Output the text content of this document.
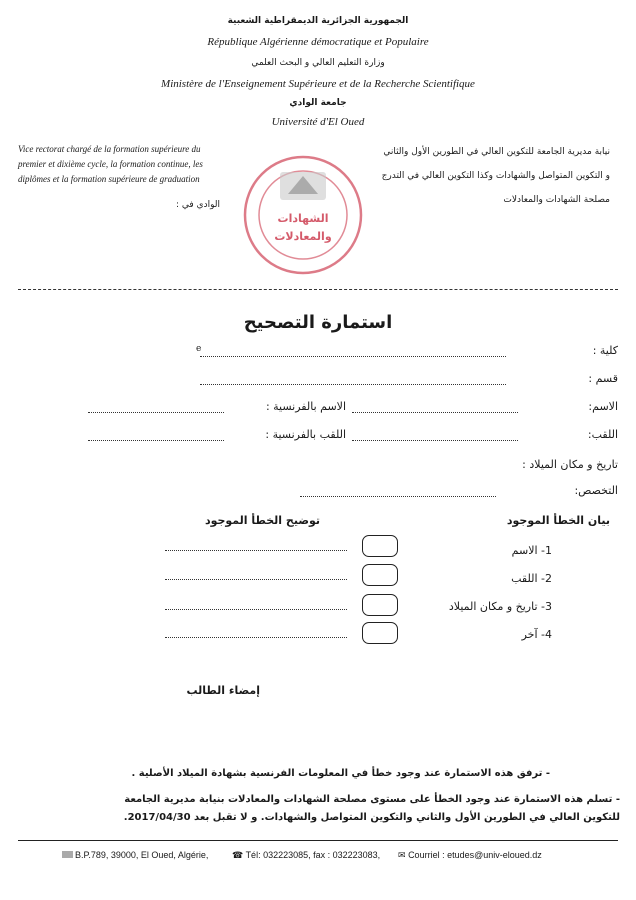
الجمهورية الجزائرية الديمقراطية الشعبية
République Algérienne démocratique et Populaire
وزارة التعليم العالي و البحث العلمي
Ministère de l'Enseignement Supérieure et de la Recherche Scientifique
جامعة الوادي
Université d'El Oued
Vice rectorat chargé de la formation supérieure du
premier et dixième cycle, la formation continue, les
diplômes et la formation supérieure de graduation
الوادي في :
الشهادات
والمعادلات
نيابة مديرية الجامعة للتكوين العالي في الطورين الأول والثاني
و التكوين المتواصل والشهادات وكذا التكوين العالي في التدرج
مصلحة الشهادات والمعادلات
استمارة التصحيح
كلية :
e
قسم :
الاسم:
الاسم بالفرنسية :
اللقب:
اللقب بالفرنسية :
تاريخ و مكان الميلاد :
التخصص:
بيان الخطأ الموجود
توضيح الخطأ الموجود
1- الاسم
2- اللقب
3- تاريخ و مكان الميلاد
4- آخر
إمضاء الطالب
- ترفق هذه الاستمارة عند وجود خطأ في المعلومات الفرنسية بشهادة الميلاد الأصلية .
- تسلم هذه الاستمارة عند وجود الخطأ على مستوى مصلحة الشهادات والمعادلات بنيابة مديرية الجامعة
للتكوين العالي في الطورين الأول والثاني والتكوين المتواصل والشهادات. و لا تقبل بعد 2017/04/30.
B.P.789, 39000, El Oued, Algérie,	☎ Tél: 032223085, fax : 032223083, ✉ Courriel : etudes@univ-eloued.dz
